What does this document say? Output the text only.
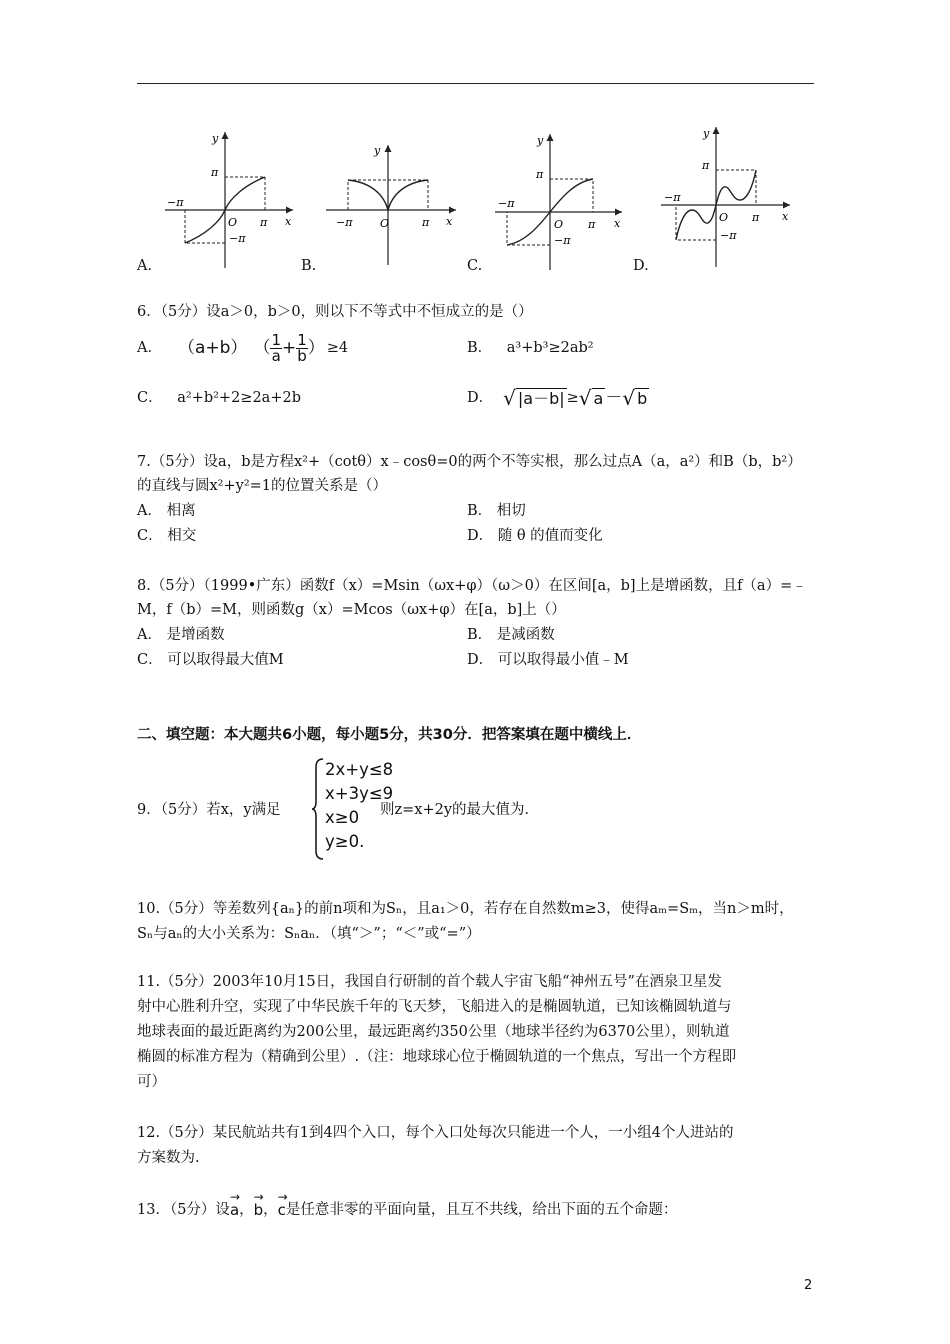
y
x
O π
−π
π
−π
y
x
O	π
−π
y
x
O π
−π
π
−π
y
x
O π
−π
π
−π
A.	B.	C.	D.
6．（5分）设a＞0，b＞0，则以下不等式中不恒成立的是（）
A． （a+b） （ $\frac{1}{a} + \frac{1}{b}$ ） ≥4	B． a³+b³≥2ab²
C． a²+b²+2≥2a+2b	D． √ |a－b| ≥ √ a － √ b
7.（5分）设a，b是方程x²+（cotθ）x﹣cosθ=0的两个不等实根，那么过点A（a，a²）和B（b，b²）
的直线与圆x²+y²=1的位置关系是（）
A． 相离	B． 相切
C． 相交	D． 随 θ 的值而变化
8.（5分）（1999•广东）函数f（x）=Msin（ωx+φ）（ω＞0）在区间[a，b]上是增函数，且f（a）=﹣
M，f（b）=M，则函数g（x）=Mcos（ωx+φ）在[a，b]上（）
A． 是增函数	B． 是减函数
C． 可以取得最大值M	D． 可以取得最小值﹣M
二、填空题：本大题共6小题，每小题5分，共30分．把答案填在题中横线上．
9．（5分）若x，y满足
2x+y≤8
x+3y≤9
x≥0
y≥0.
则z=x+2y的最大值为．
10.（5分）等差数列{aₙ}的前n项和为Sₙ，且a₁＞0，若存在自然数m≥3，使得aₘ=Sₘ，当n＞m时，
Sₙ与aₙ的大小关系为：Sₙaₙ．（填“＞”；“＜”或“=”）
11.（5分）2003年10月15日，我国自行研制的首个载人宇宙飞船“神州五号”在酒泉卫星发
射中心胜利升空，实现了中华民族千年的飞天梦，飞船进入的是椭圆轨道，已知该椭圆轨道与
地球表面的最近距离约为200公里，最远距离约350公里（地球半径约为6370公里），则轨道
椭圆的标准方程为（精确到公里）.（注：地球球心位于椭圆轨道的一个焦点，写出一个方程即
可）
12.（5分）某民航站共有1到4四个入口，每个入口处每次只能进一个人，一小组4个人进站的
方案数为.
13．（5分）设 → a ， → b ， → c 是任意非零的平面向量，且互不共线，给出下面的五个命题：
2
